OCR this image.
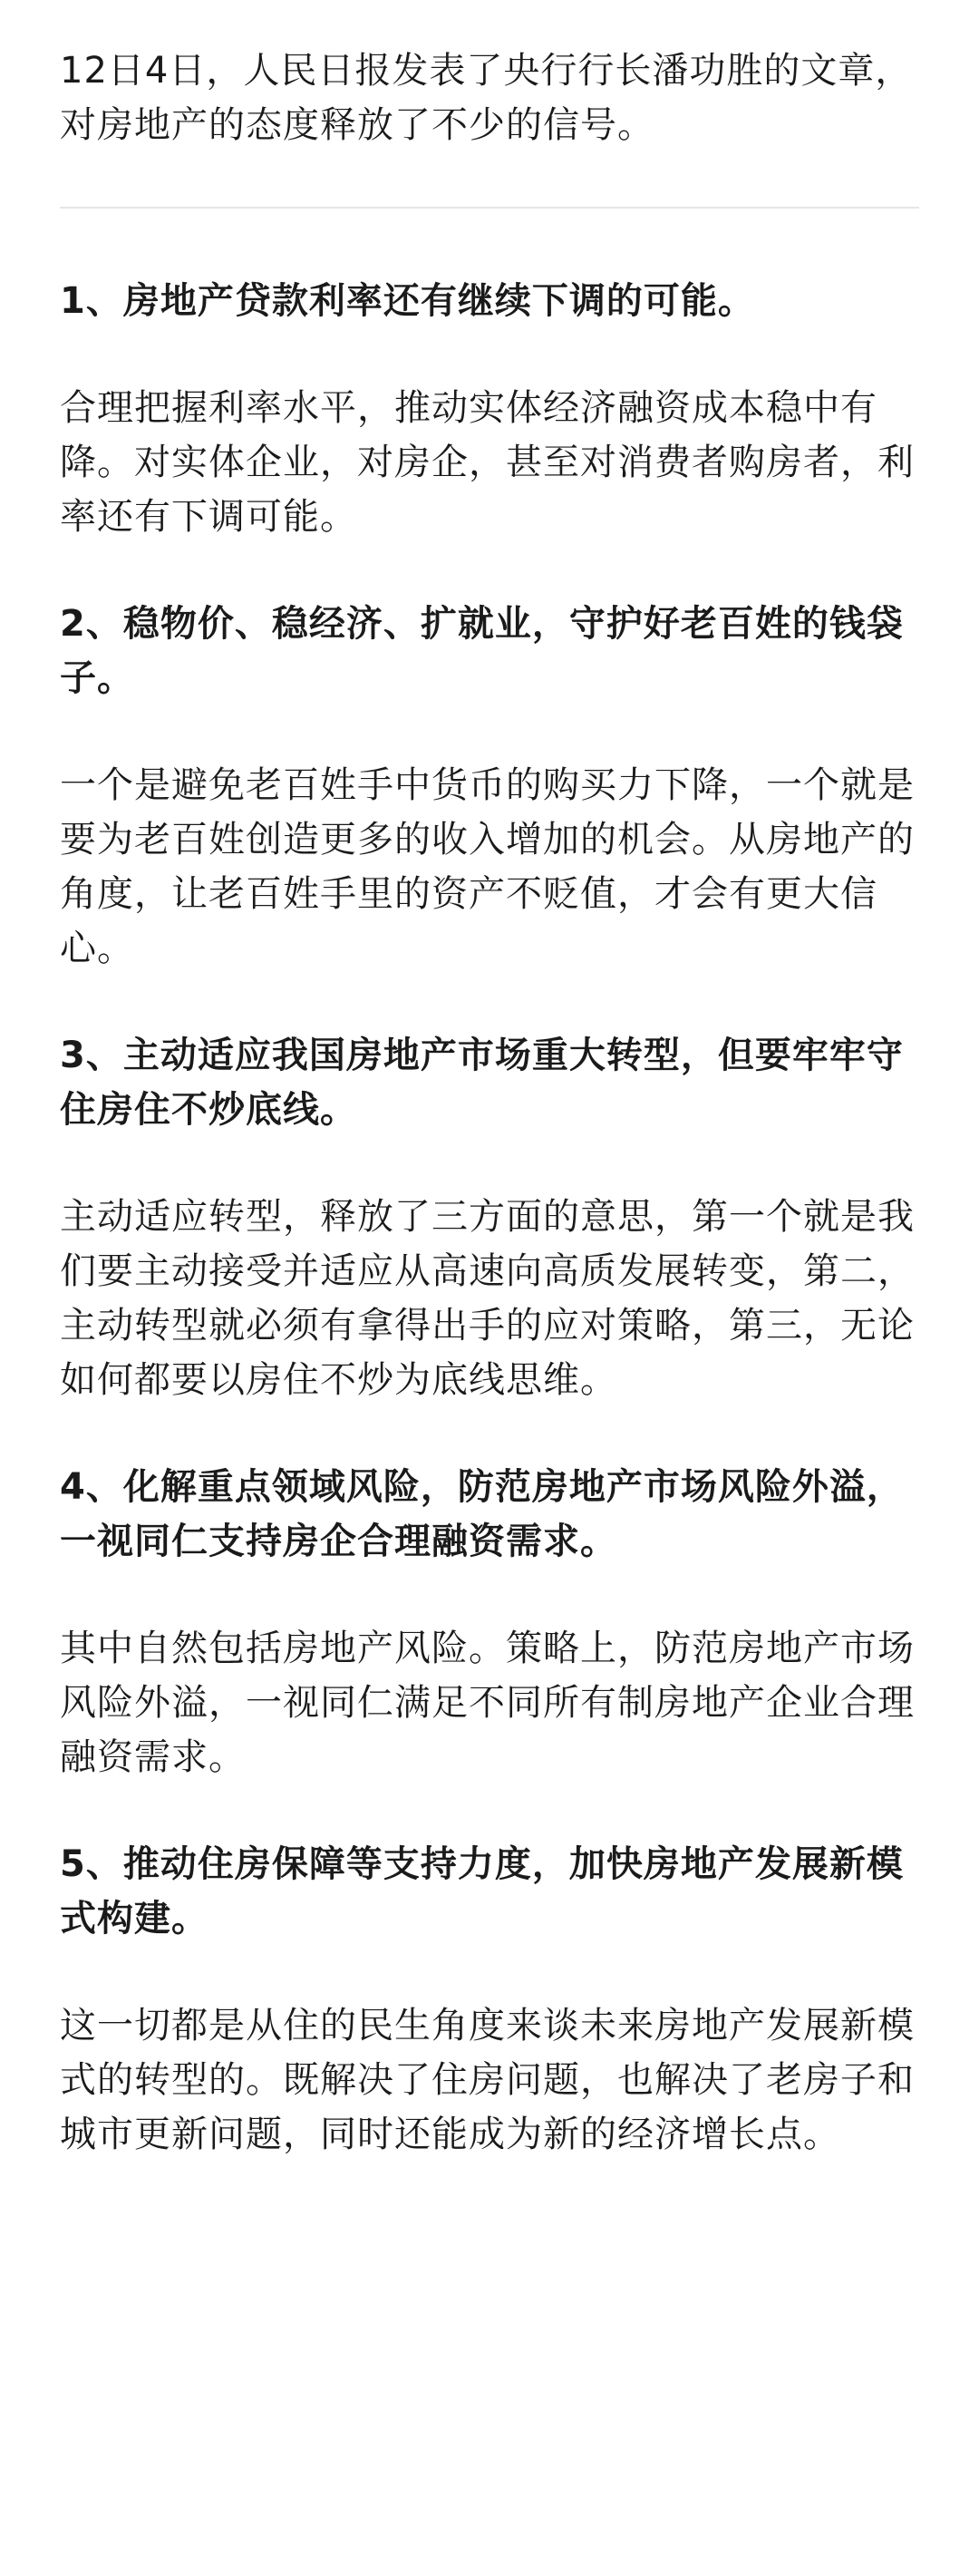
12日4日，人民日报发表了央行行长潘功胜的文章，对房地产的态度释放了不少的信号。

1、房地产贷款利率还有继续下调的可能。

合理把握利率水平，推动实体经济融资成本稳中有降。对实体企业，对房企，甚至对消费者购房者，利率还有下调可能。

2、稳物价、稳经济、扩就业，守护好老百姓的钱袋子。

一个是避免老百姓手中货币的购买力下降，一个就是要为老百姓创造更多的收入增加的机会。从房地产的角度，让老百姓手里的资产不贬值，才会有更大信心。

3、主动适应我国房地产市场重大转型，但要牢牢守住房住不炒底线。

主动适应转型，释放了三方面的意思，第一个就是我们要主动接受并适应从高速向高质发展转变，第二，主动转型就必须有拿得出手的应对策略，第三，无论如何都要以房住不炒为底线思维。

4、化解重点领域风险，防范房地产市场风险外溢，一视同仁支持房企合理融资需求。

其中自然包括房地产风险。策略上，防范房地产市场风险外溢，一视同仁满足不同所有制房地产企业合理融资需求。

5、推动住房保障等支持力度，加快房地产发展新模式构建。

这一切都是从住的民生角度来谈未来房地产发展新模式的转型的。既解决了住房问题，也解决了老房子和城市更新问题，同时还能成为新的经济增长点。
